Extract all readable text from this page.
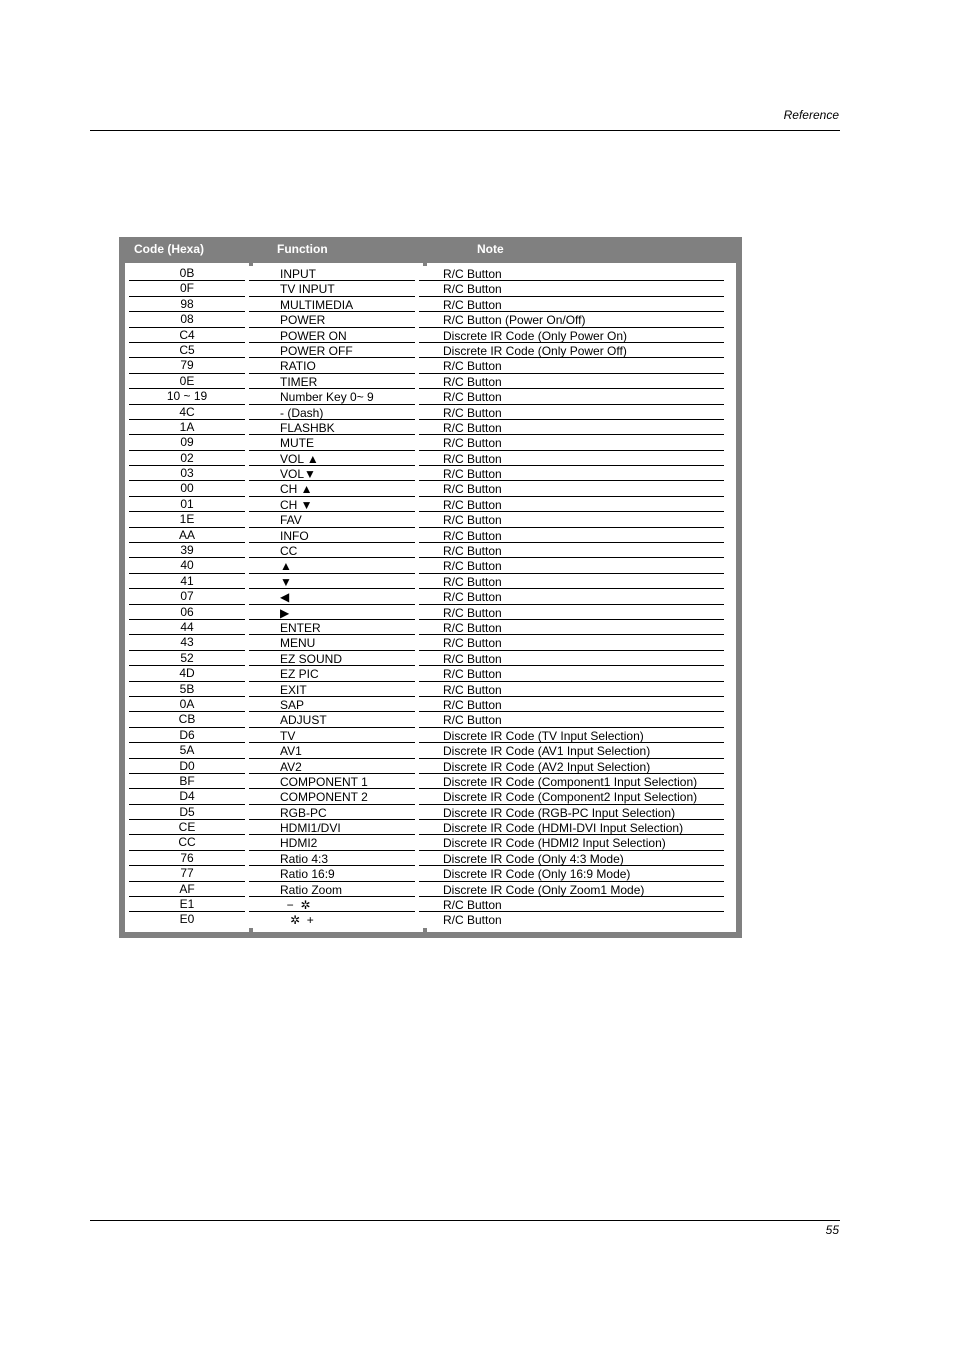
Reference
Code (Hexa)	Function	Note
0B	INPUT	R/C Button
0F	TV INPUT	R/C Button
98	MULTIMEDIA	R/C Button
08	POWER	R/C Button (Power On/Off)
C4	POWER ON	Discrete IR Code (Only Power On)
C5	POWER OFF	Discrete IR Code (Only Power Off)
79	RATIO	R/C Button
0E	TIMER	R/C Button
10 ~ 19	Number Key 0~ 9	R/C Button
4C	- (Dash)	R/C Button
1A	FLASHBK	R/C Button
09	MUTE	R/C Button
02	VOL ▲	R/C Button
03	VOL▼	R/C Button
00	CH ▲	R/C Button
01	CH ▼	R/C Button
1E	FAV	R/C Button
AA	INFO	R/C Button
39	CC	R/C Button
40	▲	R/C Button
41	▼	R/C Button
07	◀	R/C Button
06	▶	R/C Button
44	ENTER	R/C Button
43	MENU	R/C Button
52	EZ SOUND	R/C Button
4D	EZ PIC	R/C Button
5B	EXIT	R/C Button
0A	SAP	R/C Button
CB	ADJUST	R/C Button
D6	TV	Discrete IR Code (TV Input Selection)
5A	AV1	Discrete IR Code (AV1 Input Selection)
D0	AV2	Discrete IR Code (AV2 Input Selection)
BF	COMPONENT 1	Discrete IR Code (Component1 Input Selection)
D4	COMPONENT 2	Discrete IR Code (Component2 Input Selection)
D5	RGB-PC	Discrete IR Code (RGB-PC Input Selection)
CE	HDMI1/DVI	Discrete IR Code (HDMI-DVI Input Selection)
CC	HDMI2	Discrete IR Code (HDMI2 Input Selection)
76	Ratio 4:3	Discrete IR Code (Only 4:3 Mode)
77	Ratio 16:9	Discrete IR Code (Only 16:9 Mode)
AF	Ratio Zoom	Discrete IR Code (Only Zoom1 Mode)
E1	−  ✲	R/C Button
E0	✲  +	R/C Button
55
